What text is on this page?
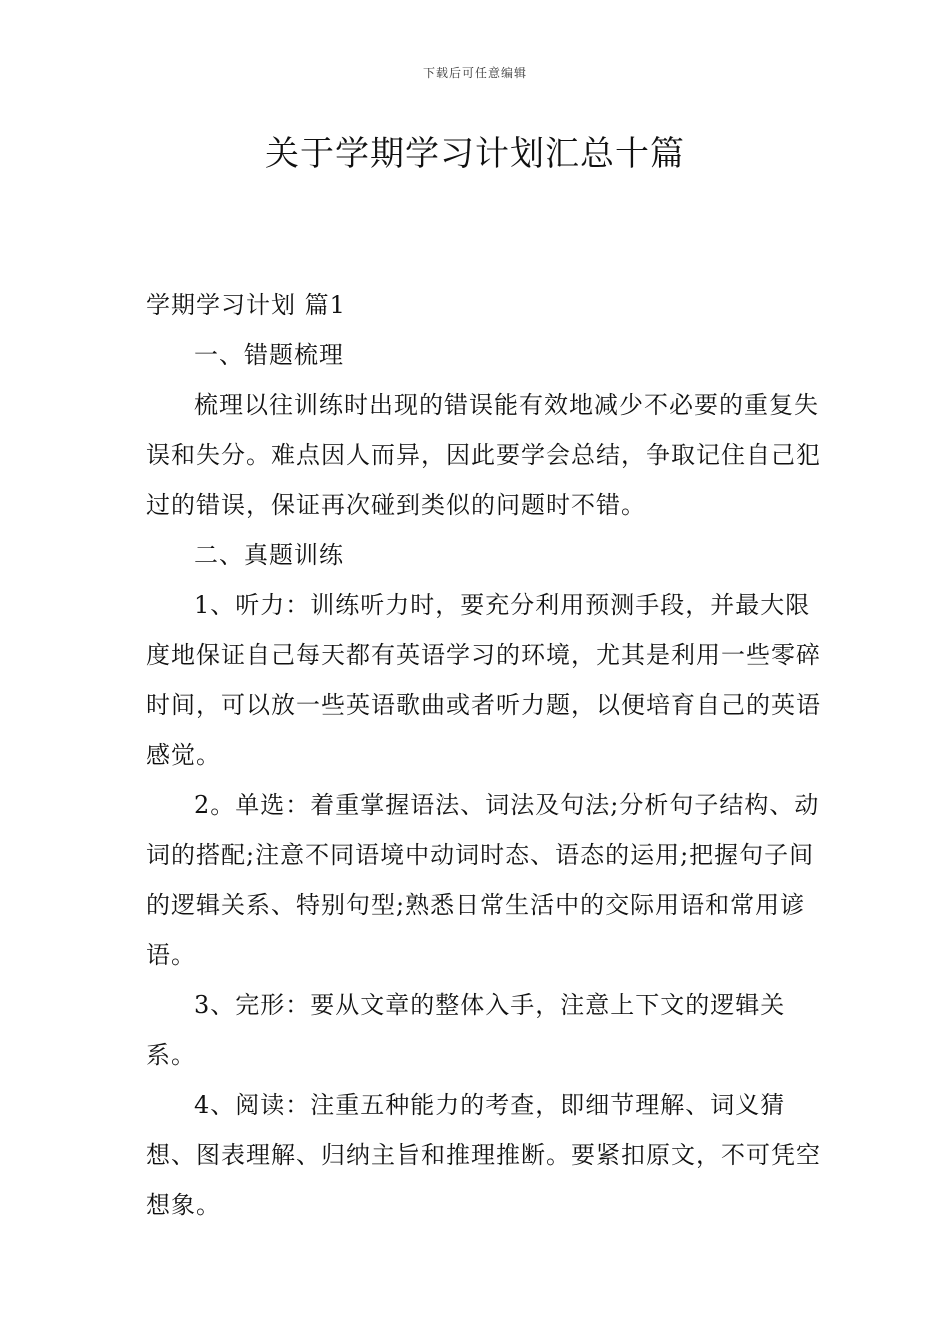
下载后可任意编辑
关于学期学习计划汇总十篇
学期学习计划 篇1

一、错题梳理

梳理以往训练时出现的错误能有效地减少不必要的重复失误和失分。难点因人而异，因此要学会总结，争取记住自己犯过的错误，保证再次碰到类似的问题时不错。

二、真题训练

1、听力：训练听力时，要充分利用预测手段，并最大限度地保证自己每天都有英语学习的环境，尤其是利用一些零碎时间，可以放一些英语歌曲或者听力题，以便培育自己的英语感觉。

2。单选：着重掌握语法、词法及句法;分析句子结构、动词的搭配;注意不同语境中动词时态、语态的运用;把握句子间的逻辑关系、特别句型;熟悉日常生活中的交际用语和常用谚语。

3、完形：要从文章的整体入手，注意上下文的逻辑关系。

4、阅读：注重五种能力的考查，即细节理解、词义猜想、图表理解、归纳主旨和推理推断。要紧扣原文，不可凭空想象。
